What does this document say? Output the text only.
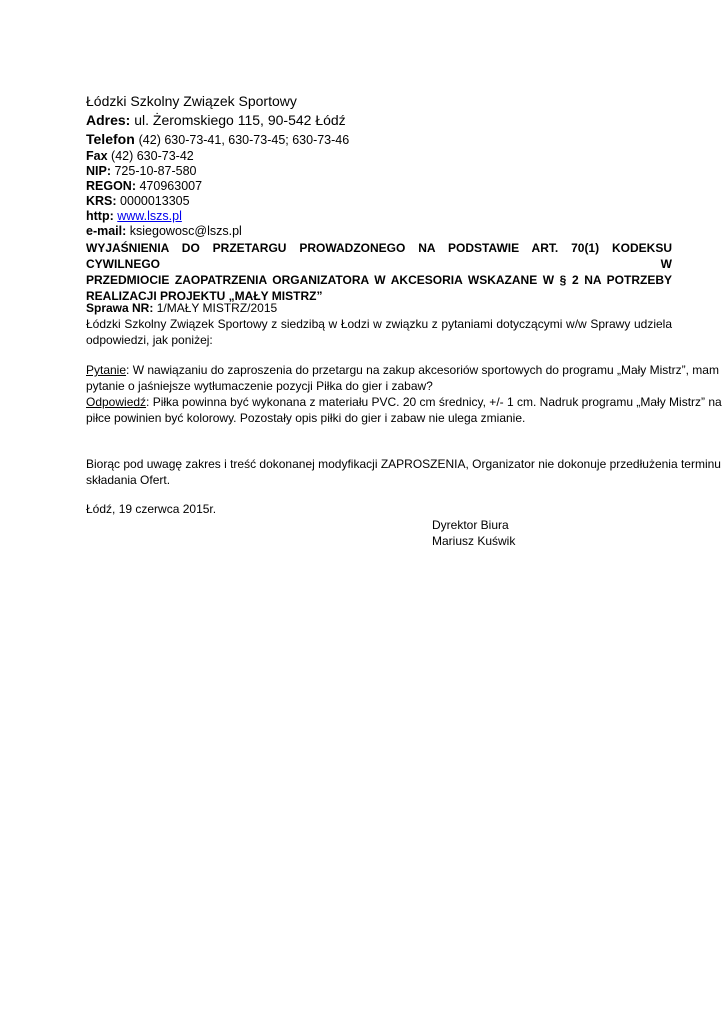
Łódzki Szkolny Związek Sportowy
Adres: ul. Żeromskiego 115, 90-542 Łódź
Telefon (42) 630-73-41, 630-73-45; 630-73-46
Fax (42) 630-73-42
NIP: 725-10-87-580
REGON: 470963007
KRS: 0000013305
http: www.lszs.pl
e-mail: ksiegowosc@lszs.pl
WYJAŚNIENIA DO PRZETARGU PROWADZONEGO NA PODSTAWIE ART. 70(1) KODEKSU CYWILNEGO W
PRZEDMIOCIE ZAOPATRZENIA ORGANIZATORA W AKCESORIA WSKAZANE W § 2 NA POTRZEBY
REALIZACJI PROJEKTU „MAŁY MISTRZ”
Sprawa NR: 1/MAŁY MISTRZ/2015
Łódzki Szkolny Związek Sportowy z siedzibą w Łodzi w związku z pytaniami dotyczącymi w/w Sprawy udziela
odpowiedzi, jak poniżej:
Pytanie: W nawiązaniu do zaproszenia do przetargu na zakup akcesoriów sportowych do programu „Mały Mistrz”, mam
pytanie o jaśniejsze wytłumaczenie pozycji Piłka do gier i zabaw?
Odpowiedź: Piłka powinna być wykonana z materiału PVC. 20 cm średnicy, +/- 1 cm. Nadruk programu „Mały Mistrz” na
piłce powinien być kolorowy. Pozostały opis piłki do gier i zabaw nie ulega zmianie.
Biorąc pod uwagę zakres i treść dokonanej modyfikacji ZAPROSZENIA, Organizator nie dokonuje przedłużenia terminu
składania Ofert.
Łódź, 19 czerwca 2015r.
Dyrektor Biura
Mariusz Kuświk
